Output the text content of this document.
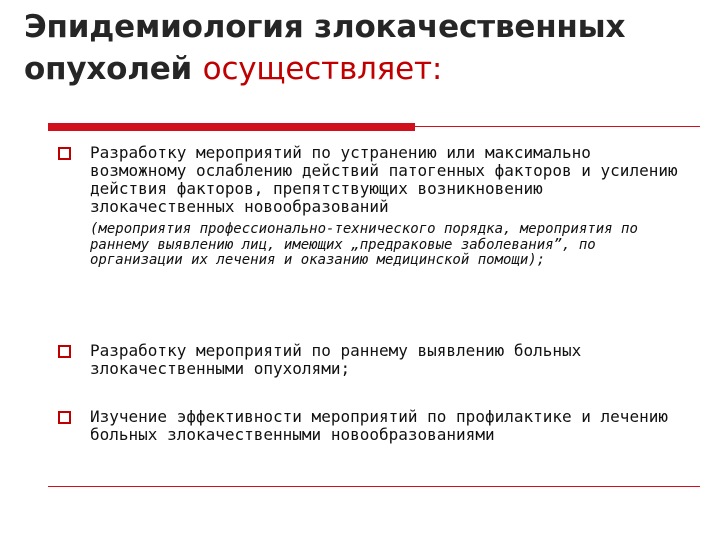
Эпидемиология злокачественных опухолей осуществляет:
Разработку мероприятий по устранению или максимально возможному ослаблению действий патогенных факторов и усилению действия факторов, препятствующих возникновению злокачественных новообразований
(мероприятия профессионально-технического порядка, мероприятия по раннему выявлению лиц, имеющих „предраковые заболевания”, по организации их лечения и оказанию медицинской помощи);
Разработку мероприятий по раннему выявлению больных злокачественными опухолями;
Изучение эффективности мероприятий по профилактике и лечению больных злокачественными новообразованиями
